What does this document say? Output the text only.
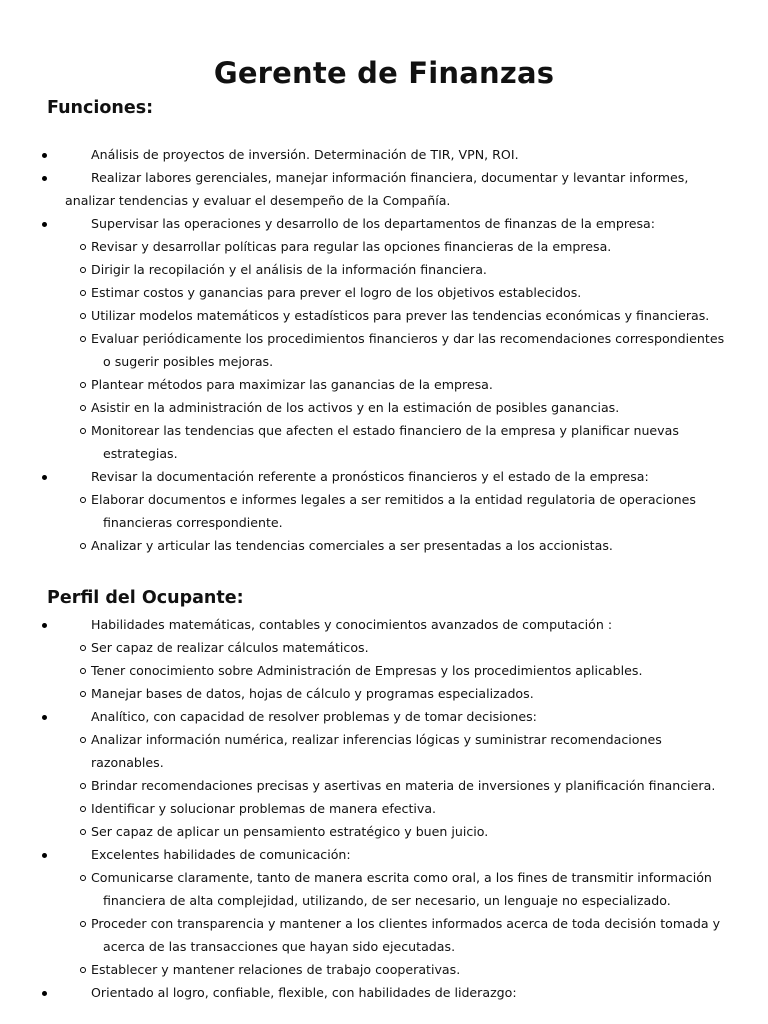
Gerente de Finanzas
Funciones:
Análisis de proyectos de inversión. Determinación de TIR, VPN, ROI.
Realizar labores gerenciales, manejar información financiera, documentar y levantar informes, analizar tendencias y evaluar el desempeño de la Compañía.
Supervisar las operaciones y desarrollo de los departamentos de finanzas de la empresa:
Revisar y desarrollar políticas para regular las opciones financieras de la empresa.
Dirigir la recopilación y el análisis de la información financiera.
Estimar costos y ganancias para prever el logro de los objetivos establecidos.
Utilizar modelos matemáticos y estadísticos para prever las tendencias económicas y financieras.
Evaluar periódicamente los procedimientos financieros y dar las recomendaciones correspondientes o sugerir posibles mejoras.
Plantear métodos para maximizar las ganancias de la empresa.
Asistir en la administración de los activos y en la estimación de posibles ganancias.
Monitorear las tendencias que afecten el estado financiero de la empresa y planificar nuevas estrategias.
Revisar la documentación referente a pronósticos financieros y el estado de la empresa:
Elaborar documentos e informes legales a ser remitidos a la entidad regulatoria de operaciones financieras correspondiente.
Analizar y articular las tendencias comerciales a ser presentadas a los accionistas.
Perfil del Ocupante:
Habilidades matemáticas, contables y conocimientos avanzados de computación :
Ser capaz de realizar cálculos matemáticos.
Tener conocimiento sobre Administración de Empresas y los procedimientos aplicables.
Manejar bases de datos, hojas de cálculo y programas especializados.
Analítico, con capacidad de resolver problemas y de tomar decisiones:
Analizar información numérica, realizar inferencias lógicas y suministrar recomendaciones razonables.
Brindar recomendaciones precisas y asertivas en materia de inversiones y planificación financiera.
Identificar y solucionar problemas de manera efectiva.
Ser capaz de aplicar un pensamiento estratégico y buen juicio.
Excelentes habilidades de comunicación:
Comunicarse claramente, tanto de manera escrita como oral, a los fines de transmitir información financiera de alta complejidad, utilizando, de ser necesario, un lenguaje no especializado.
Proceder con transparencia y mantener a los clientes informados acerca de toda decisión tomada y acerca de las transacciones que hayan sido ejecutadas.
Establecer y mantener relaciones de trabajo cooperativas.
Orientado al logro, confiable, flexible, con habilidades de liderazgo:
